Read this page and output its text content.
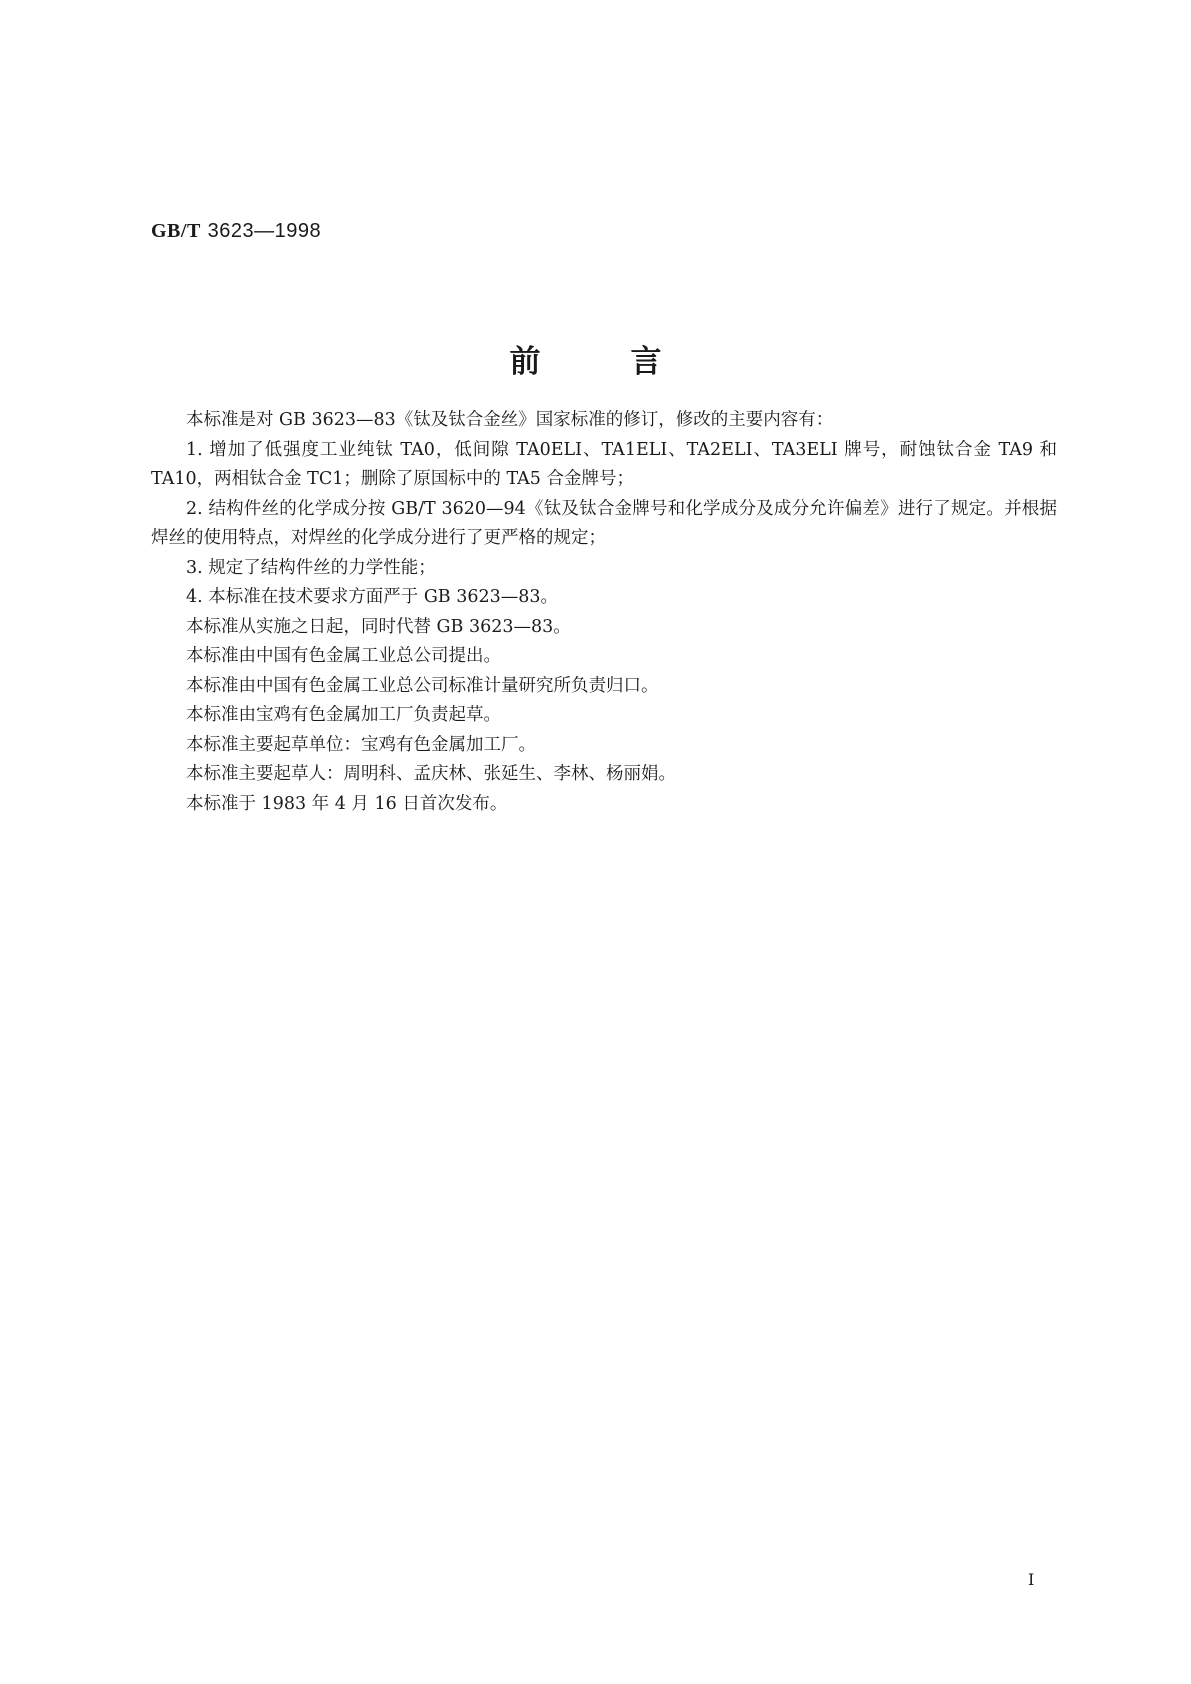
GB/T 3623—1998
前言

本标准是对 GB 3623—83《钛及钛合金丝》国家标准的修订，修改的主要内容有：

1. 增加了低强度工业纯钛 TA0，低间隙 TA0ELI、TA1ELI、TA2ELI、TA3ELI 牌号，耐蚀钛合金 TA9 和 TA10，两相钛合金 TC1；删除了原国标中的 TA5 合金牌号；

2. 结构件丝的化学成分按 GB/T 3620—94《钛及钛合金牌号和化学成分及成分允许偏差》进行了规定。并根据焊丝的使用特点，对焊丝的化学成分进行了更严格的规定；

3. 规定了结构件丝的力学性能；

4. 本标准在技术要求方面严于 GB 3623—83。

本标准从实施之日起，同时代替 GB 3623—83。

本标准由中国有色金属工业总公司提出。

本标准由中国有色金属工业总公司标准计量研究所负责归口。

本标准由宝鸡有色金属加工厂负责起草。

本标准主要起草单位：宝鸡有色金属加工厂。

本标准主要起草人：周明科、孟庆林、张延生、李林、杨丽娟。

本标准于 1983 年 4 月 16 日首次发布。

I
